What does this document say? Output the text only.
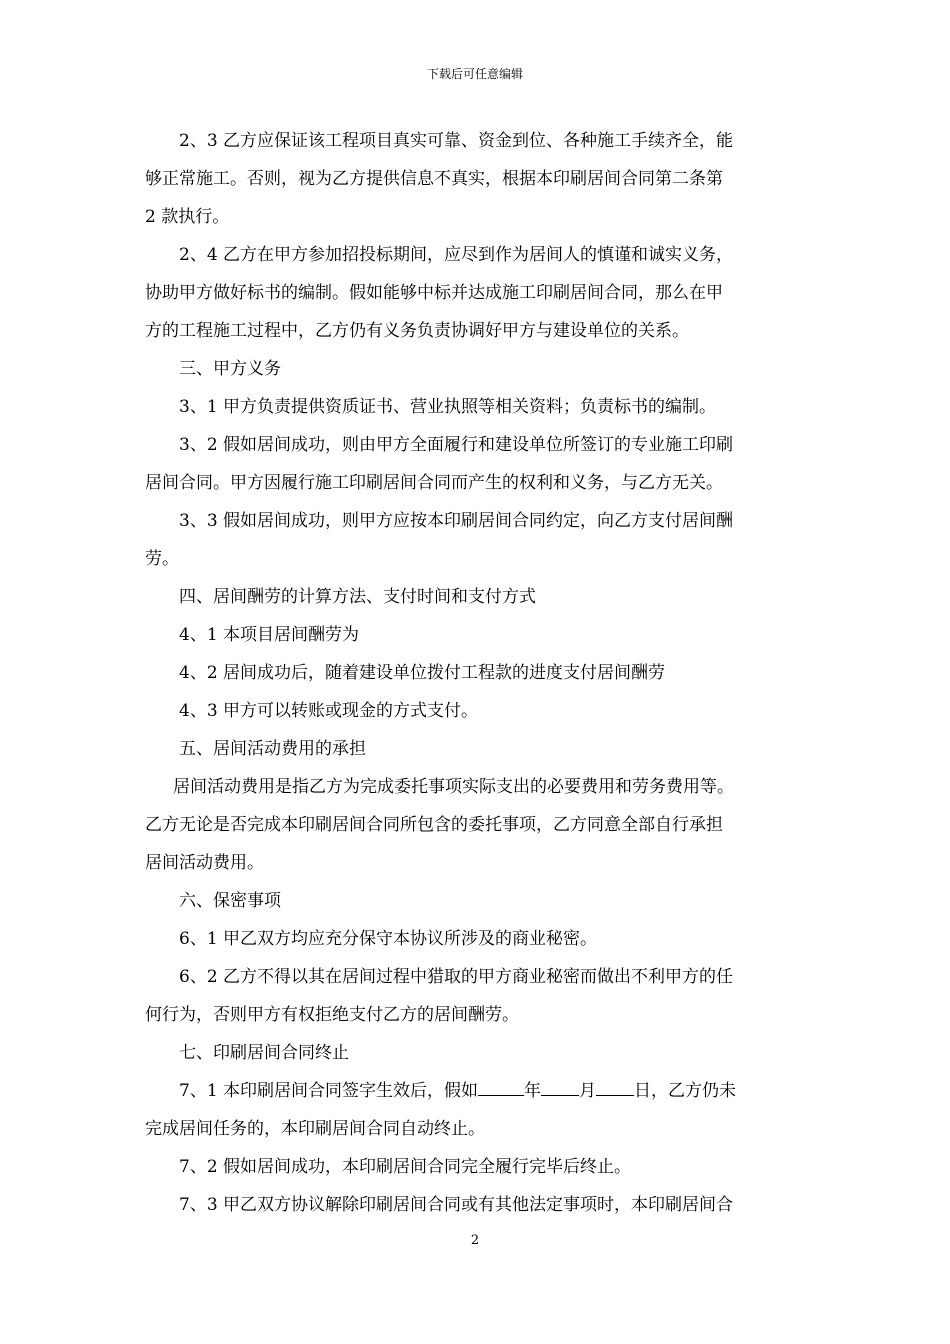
下载后可任意编辑
2、3 乙方应保证该工程项目真实可靠、资金到位、各种施工手续齐全，能
够正常施工。否则，视为乙方提供信息不真实，根据本印刷居间合同第二条第
2 款执行。
2、4 乙方在甲方参加招投标期间，应尽到作为居间人的慎谨和诚实义务，
协助甲方做好标书的编制。假如能够中标并达成施工印刷居间合同，那么在甲
方的工程施工过程中，乙方仍有义务负责协调好甲方与建设单位的关系。
三、甲方义务
3、1 甲方负责提供资质证书、营业执照等相关资料；负责标书的编制。
3、2 假如居间成功，则由甲方全面履行和建设单位所签订的专业施工印刷
居间合同。甲方因履行施工印刷居间合同而产生的权利和义务，与乙方无关。
3、3 假如居间成功，则甲方应按本印刷居间合同约定，向乙方支付居间酬
劳。
四、居间酬劳的计算方法、支付时间和支付方式
4、1 本项目居间酬劳为
4、2 居间成功后，随着建设单位拨付工程款的进度支付居间酬劳
4、3 甲方可以转账或现金的方式支付。
五、居间活动费用的承担
居间活动费用是指乙方为完成委托事项实际支出的必要费用和劳务费用等。
乙方无论是否完成本印刷居间合同所包含的委托事项，乙方同意全部自行承担
居间活动费用。
六、保密事项
6、1 甲乙双方均应充分保守本协议所涉及的商业秘密。
6、2 乙方不得以其在居间过程中猎取的甲方商业秘密而做出不利甲方的任
何行为，否则甲方有权拒绝支付乙方的居间酬劳。
七、印刷居间合同终止
7、1 本印刷居间合同签字生效后，假如	年 月 日，乙方仍未
完成居间任务的，本印刷居间合同自动终止。
7、2 假如居间成功，本印刷居间合同完全履行完毕后终止。
7、3 甲乙双方协议解除印刷居间合同或有其他法定事项时，本印刷居间合
2
